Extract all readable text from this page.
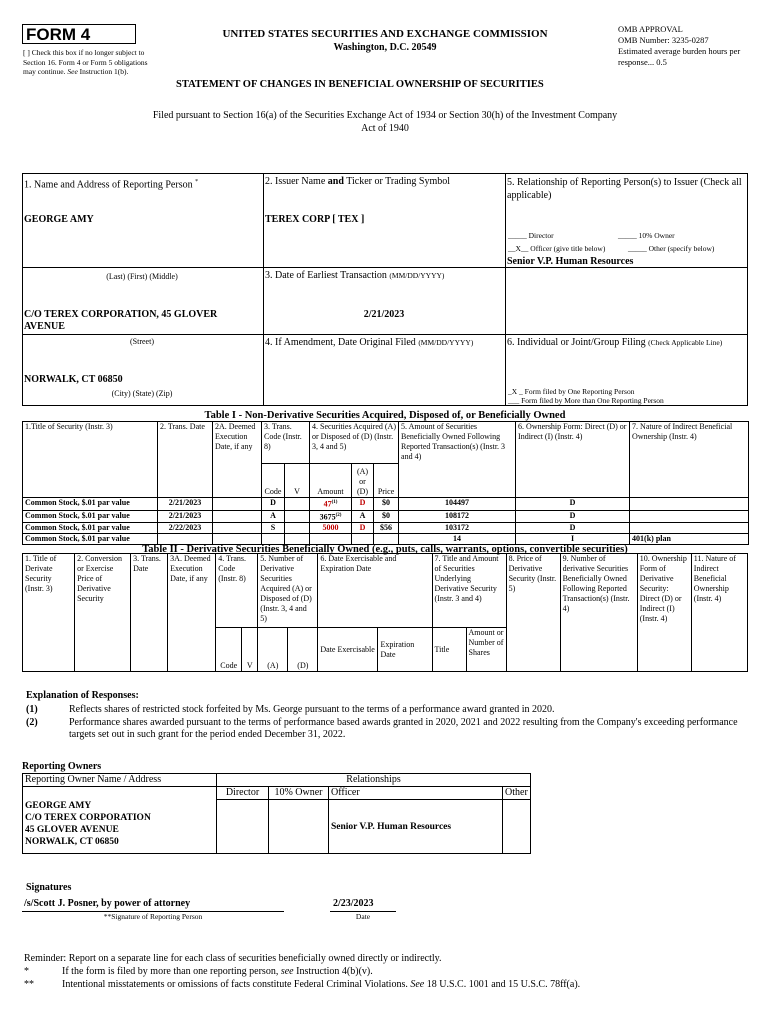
FORM 4
[ ] Check this box if no longer subject to Section 16. Form 4 or Form 5 obligations may continue. See Instruction 1(b).
UNITED STATES SECURITIES AND EXCHANGE COMMISSION
Washington, D.C. 20549
STATEMENT OF CHANGES IN BENEFICIAL OWNERSHIP OF SECURITIES
OMB APPROVAL
OMB Number: 3235-0287
Estimated average burden hours per response... 0.5
Filed pursuant to Section 16(a) of the Securities Exchange Act of 1934 or Section 30(h) of the Investment Company Act of 1940
1. Name and Address of Reporting Person *
GEORGE AMY
(Last) (First) (Middle)
C/O TEREX CORPORATION, 45 GLOVER AVENUE
(Street)
NORWALK, CT 06850
(City) (State) (Zip)
2. Issuer Name and Ticker or Trading Symbol
TEREX CORP [ TEX ]
3. Date of Earliest Transaction (MM/DD/YYYY)
2/21/2023
4. If Amendment, Date Original Filed (MM/DD/YYYY)
5. Relationship of Reporting Person(s) to Issuer (Check all applicable)
_____ Director	_____ 10% Owner
__X__ Officer (give title below)	_____ Other (specify below)
Senior V.P. Human Resources
6. Individual or Joint/Group Filing (Check Applicable Line)
_X _ Form filed by One Reporting Person
___ Form filed by More than One Reporting Person
Table I - Non-Derivative Securities Acquired, Disposed of, or Beneficially Owned
1.Title of Security (Instr. 3)	2. Trans. Date	2A. Deemed Execution Date, if any	3. Trans. Code (Instr. 8)		4. Securities Acquired (A) or Disposed of (D) (Instr. 3, 4 and 5)			5. Amount of Securities Beneficially Owned Following Reported Transaction(s) (Instr. 3 and 4)	6. Ownership Form: Direct (D) or Indirect (I) (Instr. 4)	7. Nature of Indirect Beneficial Ownership (Instr. 4)
			Code	V	Amount	(A) or (D)	Price			
Common Stock, $.01 par value	2/21/2023		D		47$^{(1)}$	D	$0	104497	D	
Common Stock, $.01 par value	2/21/2023		A		3675$^{(2)}$	A	$0	108172	D	
Common Stock, $.01 par value	2/22/2023		S		5000	D	$56	103172	D	
Common Stock, $.01 par value								14	I	401(k) plan
Table II - Derivative Securities Beneficially Owned (e.g., puts, calls, warrants, options, convertible securities)
1. Title of Derivate Security (Instr. 3)	2. Conversion or Exercise Price of Derivative Security	3. Trans. Date	3A. Deemed Execution Date, if any	4. Trans. Code (Instr. 8)		5. Number of Derivative Securities Acquired (A) or Disposed of (D) (Instr. 3, 4 and 5)		6. Date Exercisable and Expiration Date		7. Title and Amount of Securities Underlying Derivative Security (Instr. 3 and 4)		8. Price of Derivative Security (Instr. 5)	9. Number of derivative Securities Beneficially Owned Following Reported Transaction(s) (Instr. 4)	10. Ownership Form of Derivative Security: Direct (D) or Indirect (I) (Instr. 4)	11. Nature of Indirect Beneficial Ownership (Instr. 4)
				Code	V	(A)	(D)	Date Exercisable	Expiration Date	Title	Amount or Number of Shares				
Explanation of Responses:
(1)	Reflects shares of restricted stock forfeited by Ms. George pursuant to the terms of a performance award granted in 2020.
(2)	Performance shares awarded pursuant to the terms of performance based awards granted in 2020, 2021 and 2022 resulting from the Company's exceeding performance targets set out in such grant for the period ended December 31, 2022.
Reporting Owners
Reporting Owner Name / Address	Relationships			
	Director	10% Owner	Officer	Other

GEORGE AMY
C/O TEREX CORPORATION
45 GLOVER AVENUE
NORWALK, CT 06850			Senior V.P. Human Resources	
Signatures
/s/Scott J. Posner, by power of attorney
**Signature of Reporting Person
2/23/2023
Date
Reminder: Report on a separate line for each class of securities beneficially owned directly or indirectly.
*	If the form is filed by more than one reporting person, see Instruction 4(b)(v).
**	Intentional misstatements or omissions of facts constitute Federal Criminal Violations. See 18 U.S.C. 1001 and 15 U.S.C. 78ff(a).
